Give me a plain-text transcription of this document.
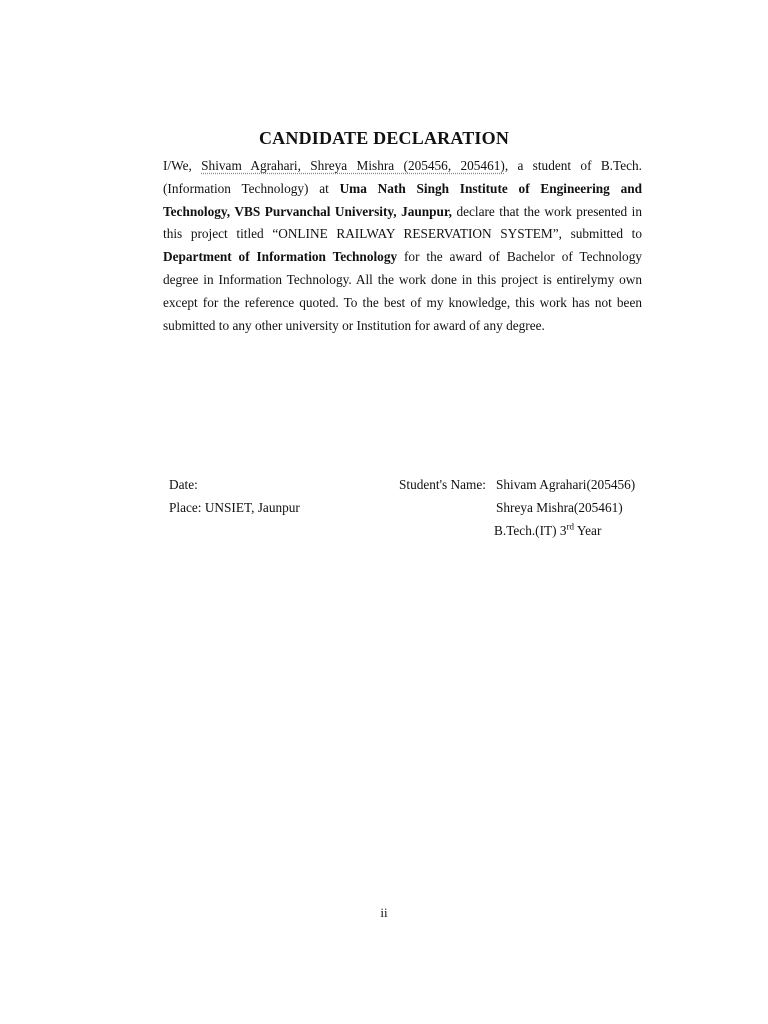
CANDIDATE DECLARATION

I/We, Shivam Agrahari, Shreya Mishra (205456, 205461), a student of B.Tech. (Information Technology) at Uma Nath Singh Institute of Engineering and Technology, VBS Purvanchal University, Jaunpur, declare that the work presented in this project titled “ONLINE RAILWAY RESERVATION SYSTEM”, submitted to Department of Information Technology for the award of Bachelor of Technology degree in Information Technology. All the work done in this project is entirelymy own except for the reference quoted. To the best of my knowledge, this work has not been submitted to any other university or Institution for award of any degree.

Date:
Place: UNSIET, Jaunpur
Student's Name: Shivam Agrahari(205456)
Shreya Mishra(205461)
B.Tech.(IT) 3rd Year
ii
